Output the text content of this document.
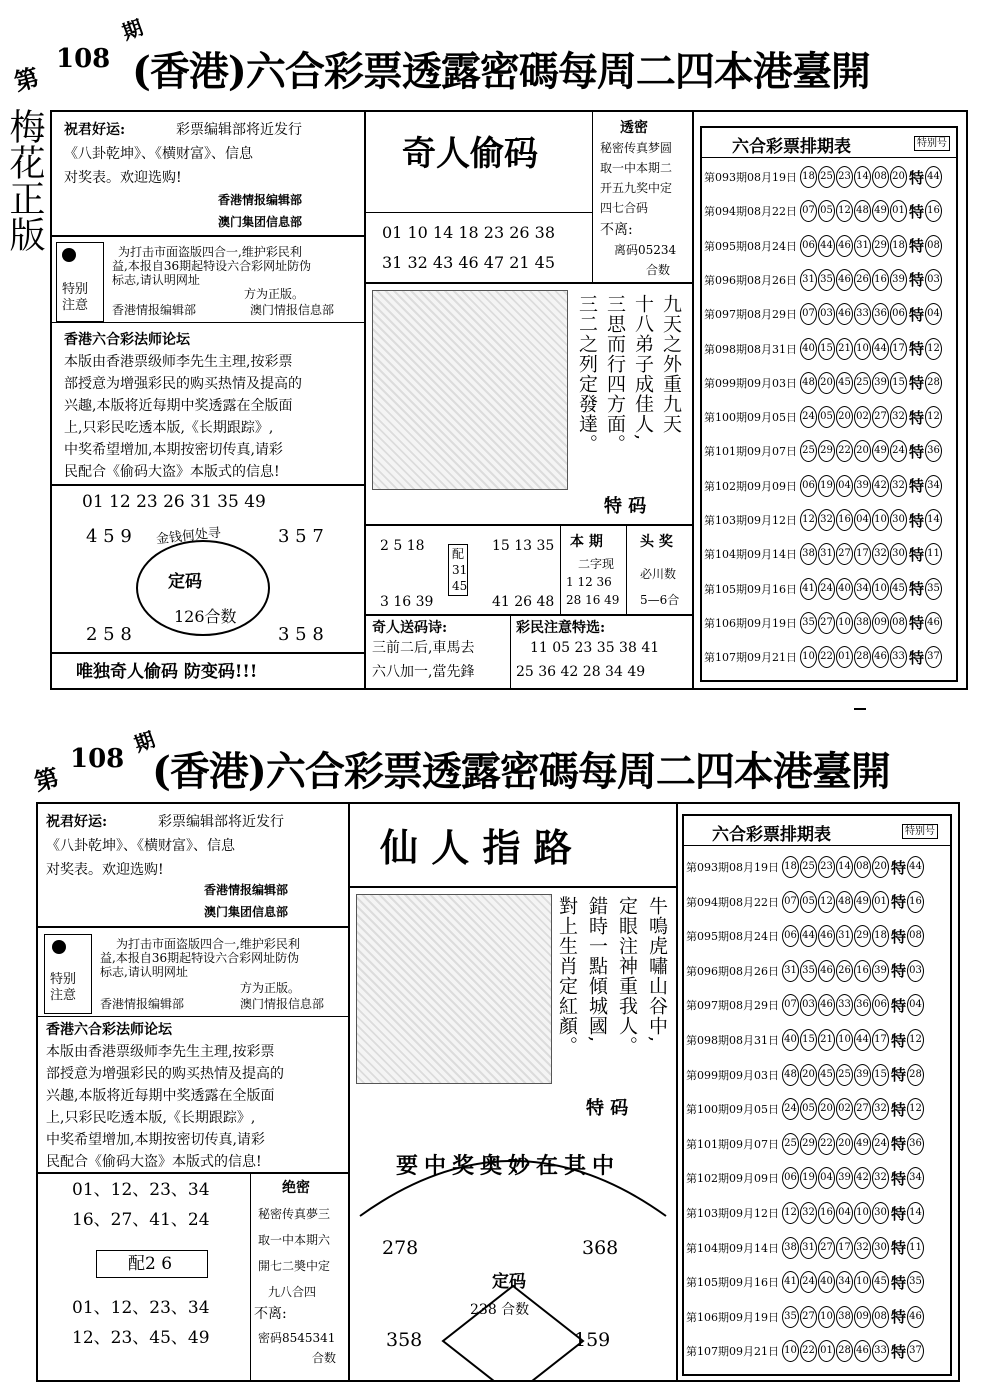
第
108
期
(香港)六合彩票透露密碼每周二四本港臺開
梅花正版 祝君好运:	彩票编辑部将近发行
《八卦乾坤》、《横财富》、信息
对奖表。欢迎选购!
香港情报编辑部
澳门集团信息部
特别注意
为打击市面盗版四合一,维护彩民利
益,本报自36期起特设六合彩网址防伪
标志,请认明网址
方为正版。
香港情报编辑部	澳门情报信息部
香港六合彩法师论坛
本版由香港票级师李先生主理,按彩票
部授意为增强彩民的购买热情及提高的
兴趣,本版将近每期中奖透露在全版面
上,只彩民吃透本版,《长期跟踪》,
中奖希望增加,本期按密切传真,请彩
民配合《偷码大盗》本版式的信息!
01 12 23 26 31 35 49
金钱何处寻
4 5 9	3 5 7
定码
126合数
2 5 8	3 5 8
唯独奇人偷码 防变码!!!
奇人偷码
01 10 14 18 23 26 38
31 32 43 46 47 21 45
透密
秘密传真梦圆
取一中本期二
开五九奖中定
四七合码
不离:
离码05234
合数
九天之外重九天
十八弟子成佳人,
三思而行四方面。
三二之列定發達。
特 码
2 5 18 配
31
45
15 13 35
3 16 39	41 26 48
本 期
二字现
1 12 36
28 16 49
头 奖
必川数
5—6合
奇人送码诗:
三前二后,車馬去
六八加一,當先鋒
彩民注意特选:
11 05 23 35 38 41
25 36 42 28 34 49
六合彩票排期表	特别号
第093期08月19日 18 25 23 14 08 20 特 44
第094期08月22日 07 05 12 48 49 01 特 16
第095期08月24日 06 44 46 31 29 18 特 08
第096期08月26日 31 35 46 26 16 39 特 03
第097期08月29日 07 03 46 33 36 06 特 04
第098期08月31日 40 15 21 10 44 17 特 12
第099期09月03日 48 20 45 25 39 15 特 28
第100期09月05日 24 05 20 02 27 32 特 12
第101期09月07日 25 29 22 20 49 24 特 36
第102期09月09日 06 19 04 39 42 32 特 34
第103期09月12日 12 32 16 04 10 30 特 14
第104期09月14日 38 31 27 17 32 30 特 11
第105期09月16日 41 24 40 34 10 45 特 35
第106期09月19日 35 27 10 38 09 08 特 46
第107期09月21日 10 22 01 28 46 33 特 37
第
108
期
(香港)六合彩票透露密碼每周二四本港臺開
祝君好运:	彩票编辑部将近发行
《八卦乾坤》、《横财富》、信息
对奖表。欢迎选购!
香港情报编辑部
澳门集团信息部
特别注意
为打击市面盗版四合一,维护彩民利
益,本报自36期起特设六合彩网址防伪
标志,请认明网址
方为正版。
香港情报编辑部	澳门情报信息部
香港六合彩法师论坛
本版由香港票级师李先生主理,按彩票
部授意为增强彩民的购买热情及提高的
兴趣,本版将近每期中奖透露在全版面
上,只彩民吃透本版,《长期跟踪》,
中奖希望增加,本期按密切传真,请彩
民配合《偷码大盗》本版式的信息!
01、12、23、34
16、27、41、24
配2 6
01、12、23、34
12、23、45、49
绝密
秘密传真夢三
取一中本期六
開七二奬中定
九八合四
不离:
密码8545341
合数
仙 人 指 路
牛鳴虎嘯山谷中,
定眼注神重我人。
錯時一點傾城國,
對上生肖定紅顏。
特 码
要中奖奥妙在其中
278	368
定码
238 合数
358	159
六合彩票排期表	特别号
第093期08月19日 18 25 23 14 08 20 特 44
第094期08月22日 07 05 12 48 49 01 特 16
第095期08月24日 06 44 46 31 29 18 特 08
第096期08月26日 31 35 46 26 16 39 特 03
第097期08月29日 07 03 46 33 36 06 特 04
第098期08月31日 40 15 21 10 44 17 特 12
第099期09月03日 48 20 45 25 39 15 特 28
第100期09月05日 24 05 20 02 27 32 特 12
第101期09月07日 25 29 22 20 49 24 特 36
第102期09月09日 06 19 04 39 42 32 特 34
第103期09月12日 12 32 16 04 10 30 特 14
第104期09月14日 38 31 27 17 32 30 特 11
第105期09月16日 41 24 40 34 10 45 特 35
第106期09月19日 35 27 10 38 09 08 特 46
第107期09月21日 10 22 01 28 46 33 特 37
